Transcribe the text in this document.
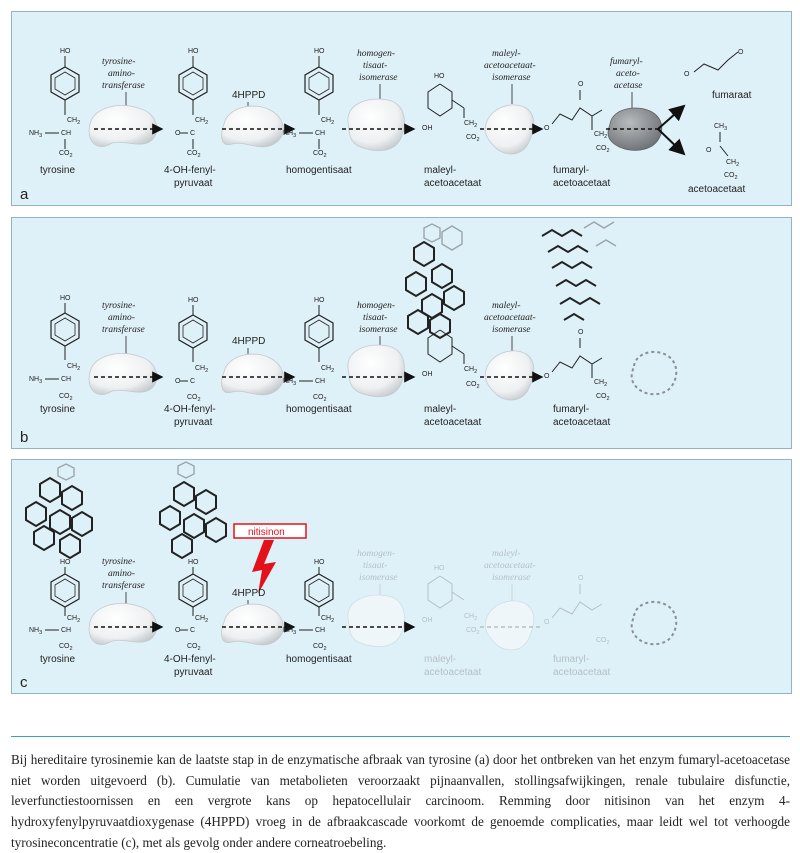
HO
$CH_2$
$NH_3$	CH
$CO_2$
tyrosine
tyrosine-
amino-
transferase
HO
$CH_2$
O C
$CO_2$
4-OH-fenyl-
pyruvaat
4HPPD
HO
$CH_2$
$NH_3$	CH
$CO_2$
homogentisaat
homogen-
tisaat-
isomerase	HO
$CH_2$
OH
$CO_2$
maleyl-
acetoacetaat
maleyl-
acetoacetaat-
isomerase
O
O
$CH_2$
$CO_2$
fumaryl-
acetoacetaat
fumaryl-
aceto-
acetase
O
O
fumaraat
$CH_3$
O
$CH_2$
$CO_2$
acetoacetaat
a
HO
$CH_2$
$NH_3$	CH
$CO_2$
tyrosine
tyrosine-
amino-
transferase
HO
$CH_2$
O C
$CO_2$
4-OH-fenyl-
pyruvaat
4HPPD
HO
$CH_2$
$NH_3$	CH
$CO_2$
homogentisaat
homogen-
tisaat-
isomerase
$CH_2$
OH
$CO_2$
maleyl-
acetoacetaat
maleyl-
acetoacetaat-
isomerase	O
O
$CH_2$
$CO_2$
fumaryl-
acetoacetaat
b
HO
$CH_2$
$NH_3$	CH
$CO_2$
tyrosine
tyrosine-
amino-
transferase
HO
$CH_2$
O C
$CO_2$
4-OH-fenyl-
pyruvaat
nitisinon
4HPPD
HO
$CH_2$
$NH_3$	CH
$CO_2$
homogentisaat
homogen-
tisaat-
isomerase
HO
$CH_2$
OH
$CO_2$
maleyl-
acetoacetaat
maleyl-
acetoacetaat-
isomerase	O
O
$CO_2$
fumaryl-
acetoacetaat
c

Bij hereditaire tyrosinemie kan de laatste stap in de enzymatische afbraak van tyrosine (a) door het ontbreken van het enzym fumaryl-acetoacetase niet worden uitgevoerd (b). Cumulatie van metabolieten veroorzaakt pijnaanvallen, stollingsafwijkingen, renale tubulaire disfunctie, leverfunctiestoornissen en een vergrote kans op hepatocellulair carcinoom. Remming door nitisinon van het enzym 4-hydroxyfenylpyruvaatdioxygenase (4HPPD) vroeg in de afbraakcascade voorkomt de genoemde complicaties, maar leidt wel tot verhoogde tyrosineconcentratie (c), met als gevolg onder andere corneatroebeling.
